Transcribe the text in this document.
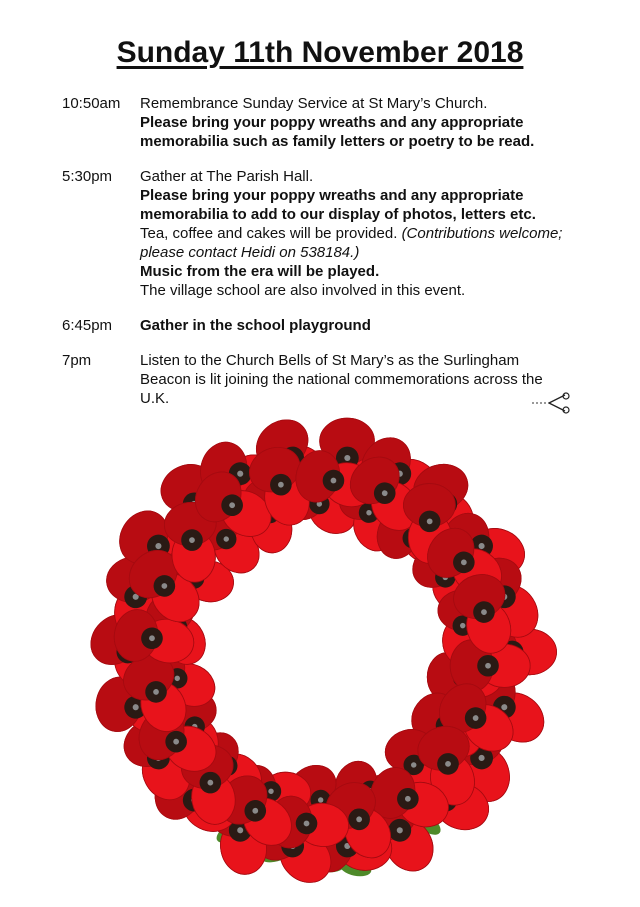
Sunday 11th November 2018
10:50am	Remembrance Sunday Service at St Mary’s Church.
Please bring your poppy wreaths and any appropriate memorabilia such as family letters or poetry to be read.
5:30pm	Gather at The Parish Hall.
Please bring your poppy wreaths and any appropriate memorabilia to add to our display of photos, letters etc.
Tea, coffee and cakes will be provided. (Contributions welcome; please contact Heidi on 538184.)
Music from the era will be played.
The village school are also involved in this event.
6:45pm	Gather in the school playground
7pm	Listen to the Church Bells of St Mary’s as the Surlingham Beacon is lit joining the national commemorations across the U.K.
